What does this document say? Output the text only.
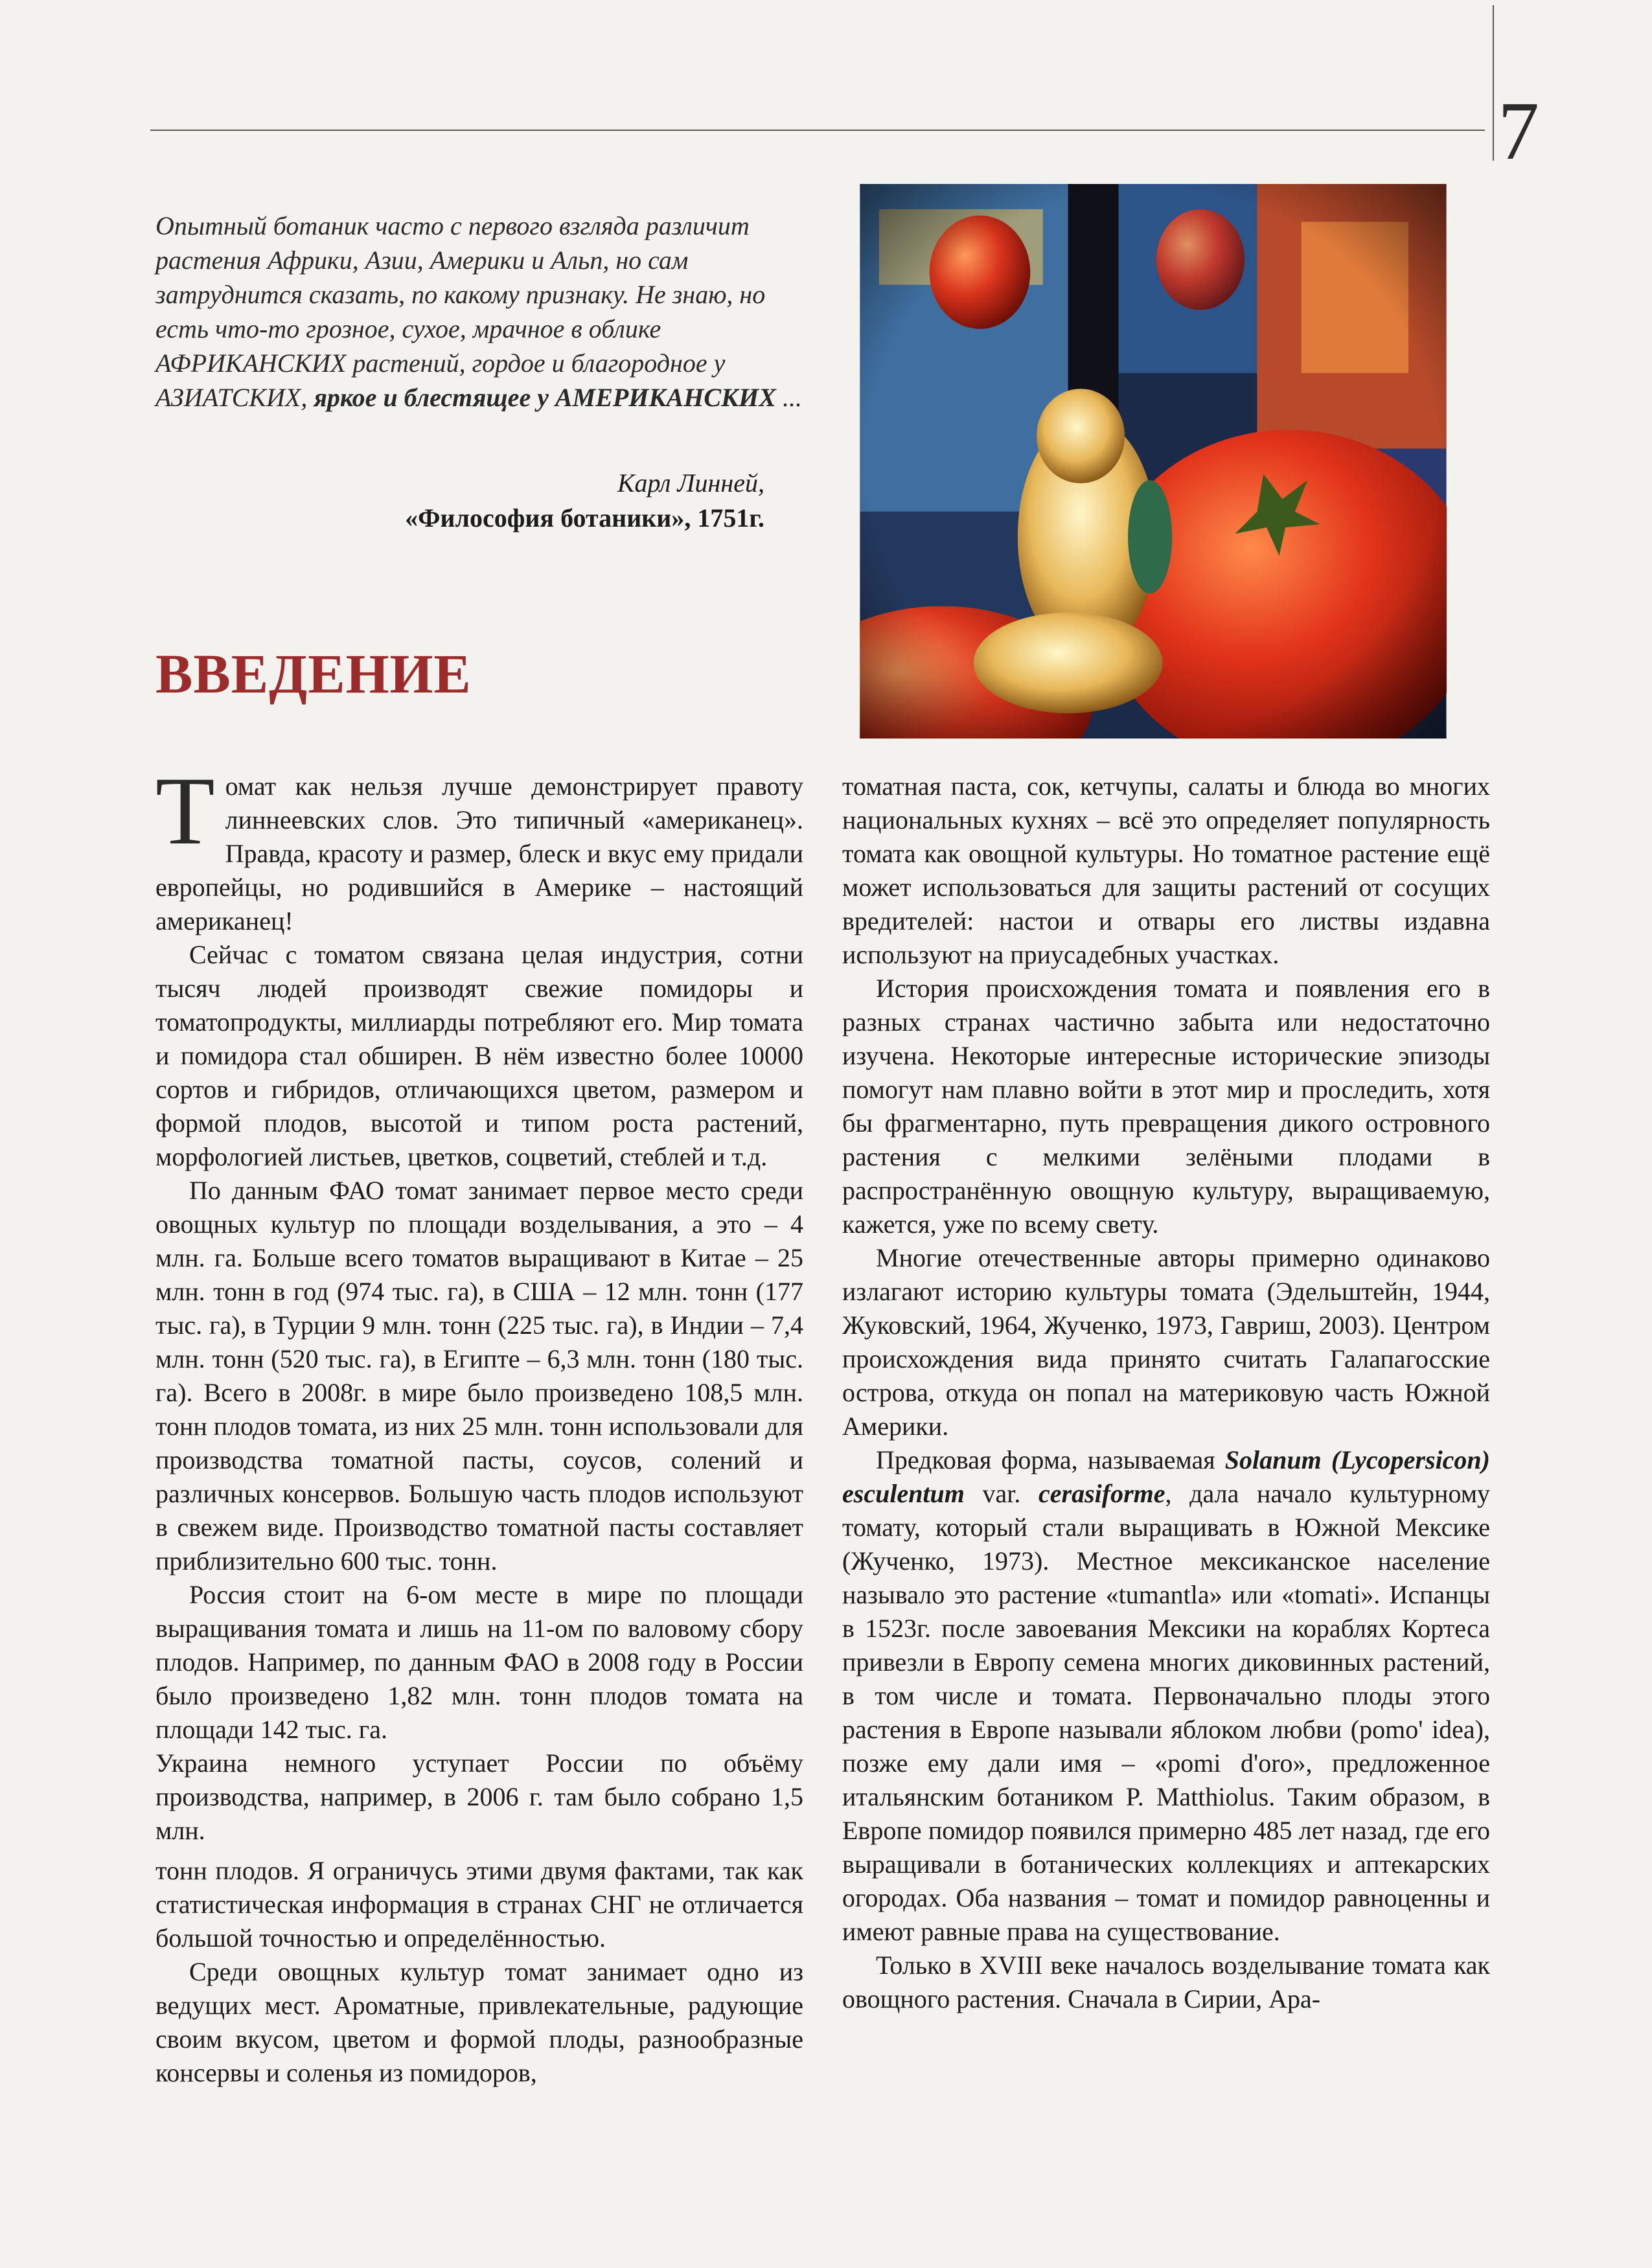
7
Опытный ботаник часто с первого взгляда различит растения Африки, Азии, Америки и Альп, но сам затруднится сказать, по какому признаку. Не знаю, но есть что-то грозное, сухое, мрачное в облике АФРИКАНСКИХ растений, гордое и благородное у АЗИАТСКИХ, яркое и блестящее у АМЕРИКАНСКИХ ...
Карл Линней,
«Философия ботаники», 1751г.
ВВЕДЕНИЕ

Томат как нельзя лучше демонстрирует правоту линнеевских слов. Это типичный «американец». Правда, красоту и размер, блеск и вкус ему придали европейцы, но родившийся в Америке – настоящий американец!

Сейчас с томатом связана целая индустрия, сотни тысяч людей производят свежие помидоры и томатопродукты, миллиарды потребляют его. Мир томата и помидора стал обширен. В нём известно более 10000 сортов и гибридов, отличающихся цветом, размером и формой плодов, высотой и типом роста растений, морфологией листьев, цветков, соцветий, стеблей и т.д.

По данным ФАО томат занимает первое место среди овощных культур по площади возделывания, а это – 4 млн. га. Больше всего томатов выращивают в Китае – 25 млн. тонн в год (974 тыс. га), в США – 12 млн. тонн (177 тыс. га), в Турции 9 млн. тонн (225 тыс. га), в Индии – 7,4 млн. тонн (520 тыс. га), в Египте – 6,3 млн. тонн (180 тыс. га). Всего в 2008г. в мире было произведено 108,5 млн. тонн плодов томата, из них 25 млн. тонн использовали для производства томатной пасты, соусов, солений и различных консервов. Большую часть плодов используют в свежем виде. Производство томатной пасты составляет приблизительно 600 тыс. тонн.

Россия стоит на 6-ом месте в мире по площади выращивания томата и лишь на 11-ом по валовому сбору плодов. Например, по данным ФАО в 2008 году в России было произведено 1,82 млн. тонн плодов томата на площади 142 тыс. га.

Украина немного уступает России по объёму производства, например, в 2006 г. там было собрано 1,5 млн.

тонн плодов. Я ограничусь этими двумя фактами, так как статистическая информация в странах СНГ не отличается большой точностью и определённостью.

Среди овощных культур томат занимает одно из ведущих мест. Ароматные, привлекательные, радующие своим вкусом, цветом и формой плоды, разнообразные консервы и соленья из помидоров,

томатная паста, сок, кетчупы, салаты и блюда во многих национальных кухнях – всё это определяет популярность томата как овощной культуры. Но томатное растение ещё может использоваться для защиты растений от сосущих вредителей: настои и отвары его листвы издавна используют на приусадебных участках.

История происхождения томата и появления его в разных странах частично забыта или недостаточно изучена. Некоторые интересные исторические эпизоды помогут нам плавно войти в этот мир и проследить, хотя бы фрагментарно, путь превращения дикого островного растения с мелкими зелёными плодами в распространённую овощную культуру, выращиваемую, кажется, уже по всему свету.

Многие отечественные авторы примерно одинаково излагают историю культуры томата (Эдельштейн, 1944, Жуковский, 1964, Жученко, 1973, Гавриш, 2003). Центром происхождения вида принято считать Галапагосские острова, откуда он попал на материковую часть Южной Америки.

Предковая форма, называемая Solanum (Lycopersicon) esculentum var. cerasiforme, дала начало культурному томату, который стали выращивать в Южной Мексике (Жученко, 1973). Местное мексиканское население называло это растение «tumantla» или «tomati». Испанцы в 1523г. после завоевания Мексики на кораблях Кортеса привезли в Европу семена многих диковинных растений, в том числе и томата. Первоначально плоды этого растения в Европе называли яблоком любви (pomo' idea), позже ему дали имя – «pomi d'oro», предложенное итальянским ботаником P. Matthiolus. Таким образом, в Европе помидор появился примерно 485 лет назад, где его выращивали в ботанических коллекциях и аптекарских огородах. Оба названия – томат и помидор равноценны и имеют равные права на существование.

Только в XVIII веке началось возделывание томата как овощного растения. Сначала в Сирии, Ара-
